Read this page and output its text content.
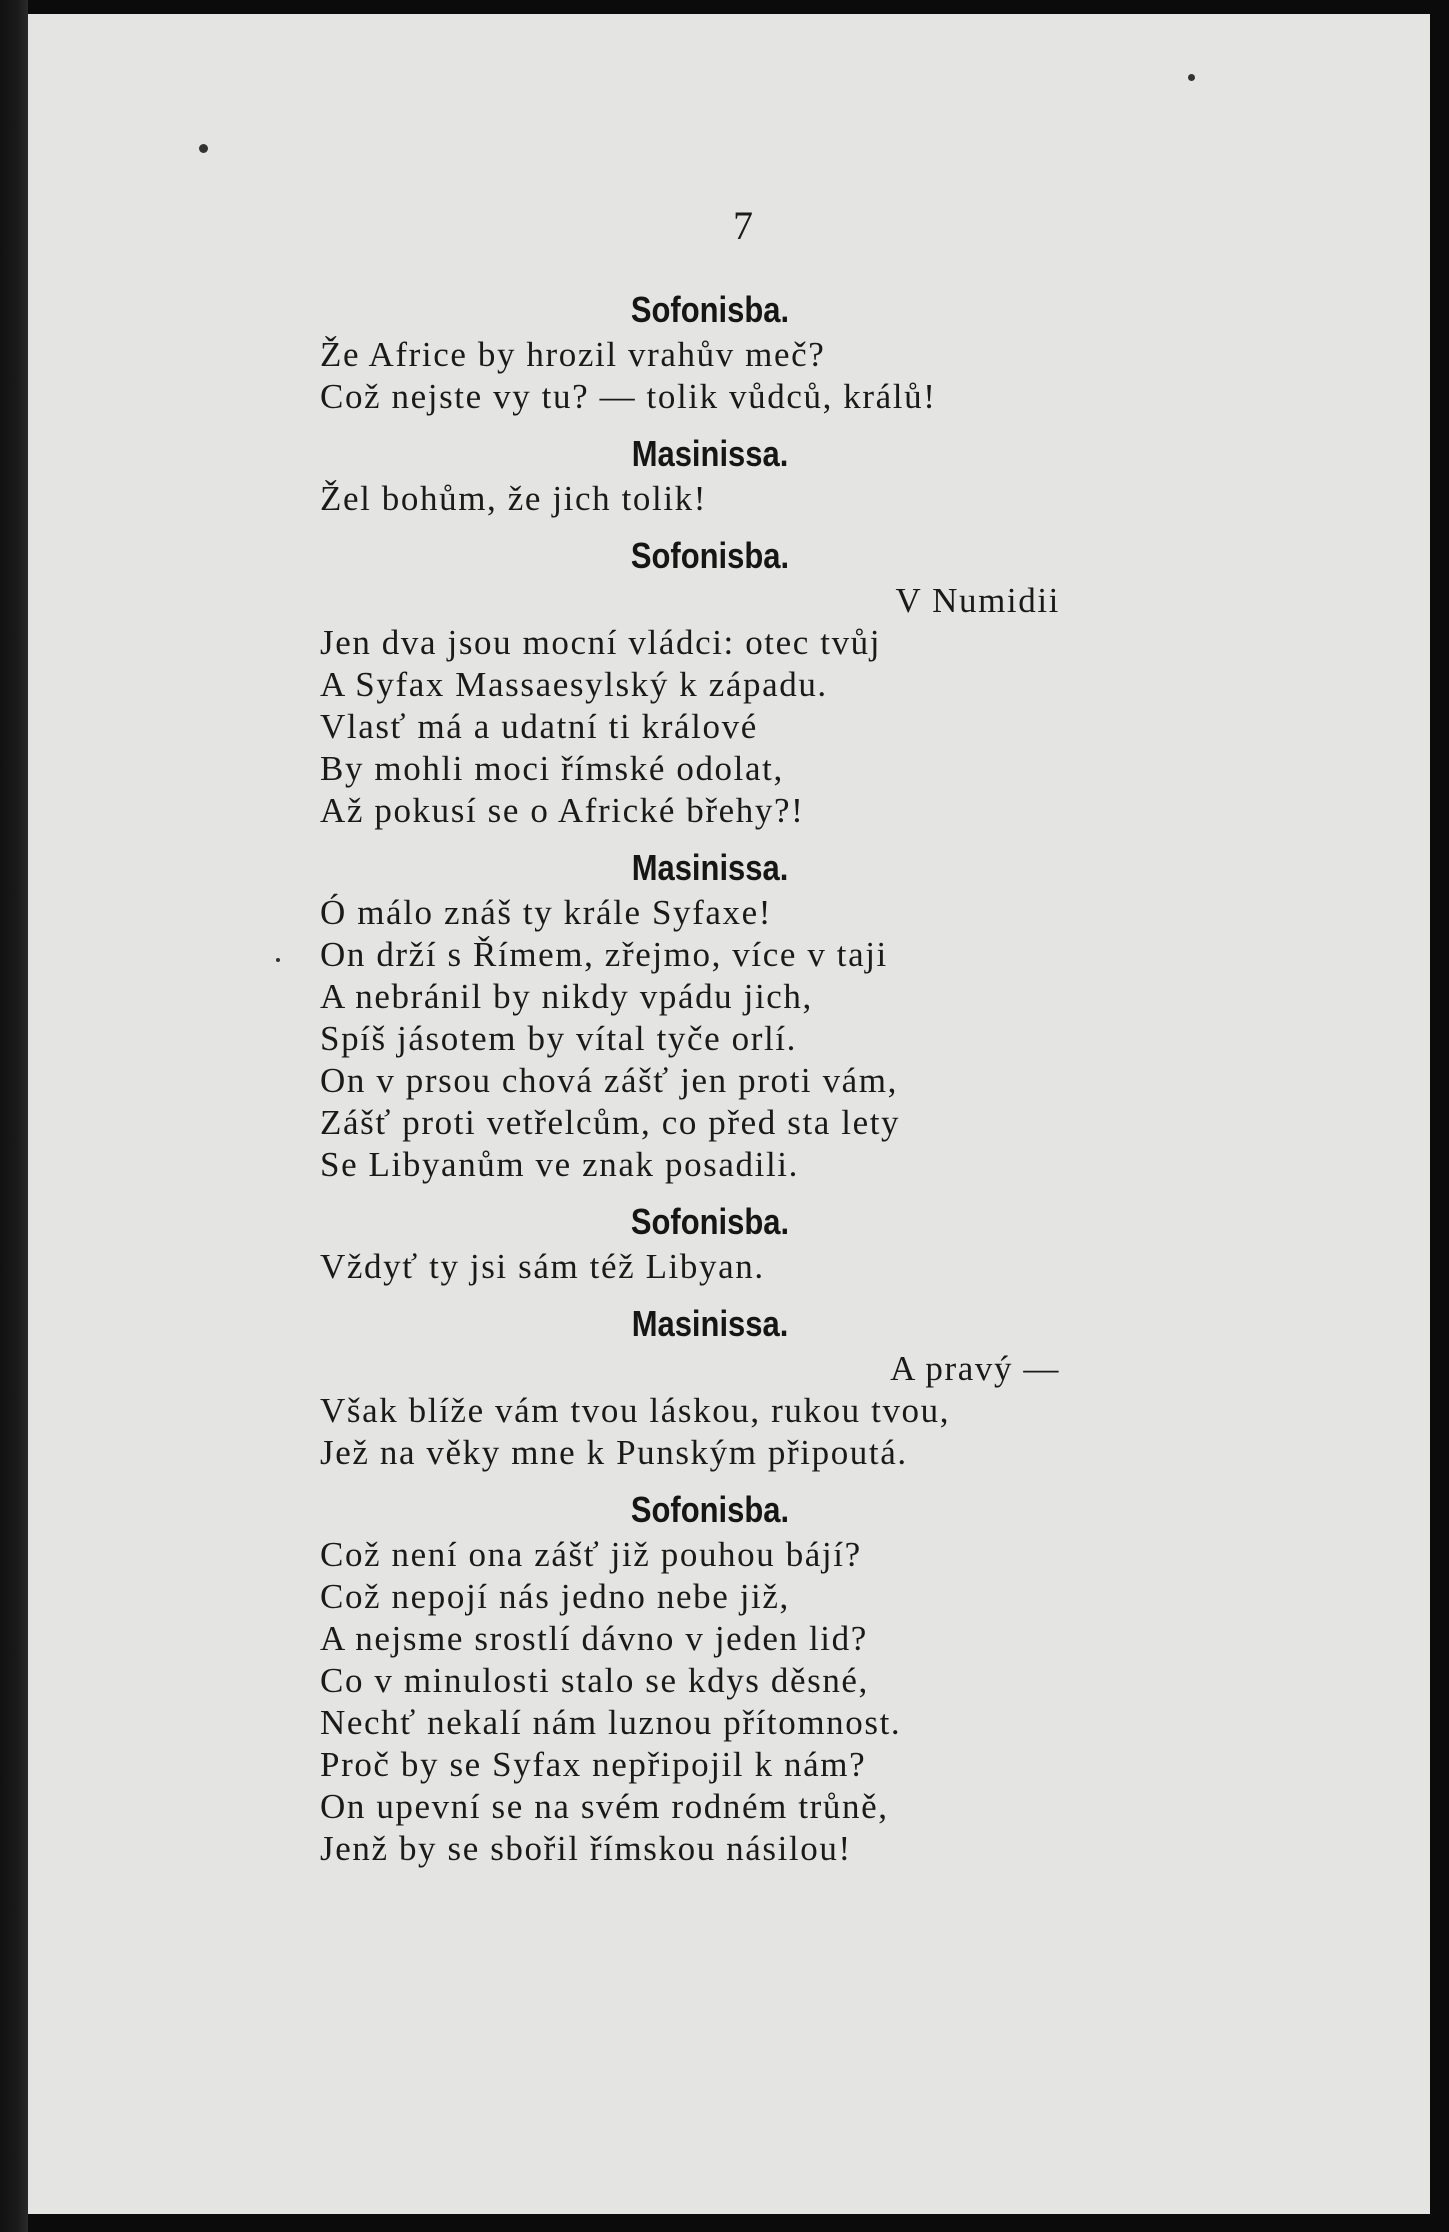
7
Sofonisba.
Že Africe by hrozil vrahův meč?
Což nejste vy tu? — tolik vůdců, králů!
Masinissa.
Žel bohům, že jich tolik!
Sofonisba.
V Numidii
Jen dva jsou mocní vládci: otec tvůj
A Syfax Massaesylský k západu.
Vlasť má a udatní ti králové
By mohli moci římské odolat,
Až pokusí se o Africké břehy?!
Masinissa.
Ó málo znáš ty krále Syfaxe!
On drží s Římem, zřejmo, více v taji
A nebránil by nikdy vpádu jich,
Spíš jásotem by vítal tyče orlí.
On v prsou chová zášť jen proti vám,
Zášť proti vetřelcům, co před sta lety
Se Libyanům ve znak posadili.
Sofonisba.
Vždyť ty jsi sám též Libyan.
Masinissa.
A pravý —
Však blíže vám tvou láskou, rukou tvou,
Jež na věky mne k Punským připoutá.
Sofonisba.
Což není ona zášť již pouhou bájí?
Což nepojí nás jedno nebe již,
A nejsme srostlí dávno v jeden lid?
Co v minulosti stalo se kdys děsné,
Nechť nekalí nám luznou přítomnost.
Proč by se Syfax nepřipojil k nám?
On upevní se na svém rodném trůně,
Jenž by se sbořil římskou násilou!
